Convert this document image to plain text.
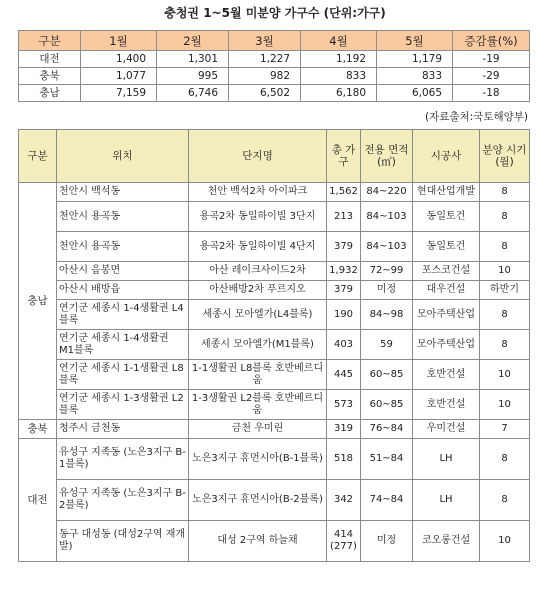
충청권 1~5월 미분양 가구수 (단위:가구)
구분	1월	2월	3월	4월	5월	증감률(%)
대전	1,400	1,301	1,227	1,192	1,179	-19
충북	1,077	995	982	833	833	-29
충남	7,159	6,746	6,502	6,180	6,065	-18
(자료출처:국토해양부)
구분	위치	단지명	총 가구	전용 면적 (㎡)	시공사	분양 시기 (월)
충남	천안시 백석동	천안 백석2차 아이파크	1,562	84~220	현대산업개발	8
	천안시 용곡동	용곡2차 동일하이빌 3단지	213	84~103	동일토건	8
	천안시 용곡동	용곡2차 동일하이빌 4단지	379	84~103	동일토건	8
	아산시 음봉면	아산 레이크사이드2차	1,932	72~99	포스코건설	10
	아산시 배방읍	아산배방2차 푸르지오	379	미정	대우건설	하반기
	연기군 세종시 1-4생활권 L4블록	세종시 모아엘가(L4블록)	190	84~98	모아주택산업	8
	연기군 세종시 1-4생활권 M1블록	세종시 모아엘가(M1블록)	403	59	모아주택산업	8
	연기군 세종시 1-1생활권 L8블록	1-1생활권 L8블록 호반베르디움	445	60~85	호반건설	10
	연기군 세종시 1-3생활권 L2블록	1-3생활권 L2블록 호반베르디움	573	60~85	호반건설	10
충북	청주시 금천동	금천 우미린	319	76~84	우미건설	7
대전	유성구 지족동 (노은3지구 B-1블록)	노은3지구 휴먼시아(B-1블록)	518	51~84	LH	8
	유성구 지족동 (노은3지구 B-2블록)	노은3지구 휴먼시아(B-2블록)	342	74~84	LH	8
	동구 대성동 (대성2구역 재개발)	대성 2구역 하늘채	414 (277)	미정	코오롱건설	10
